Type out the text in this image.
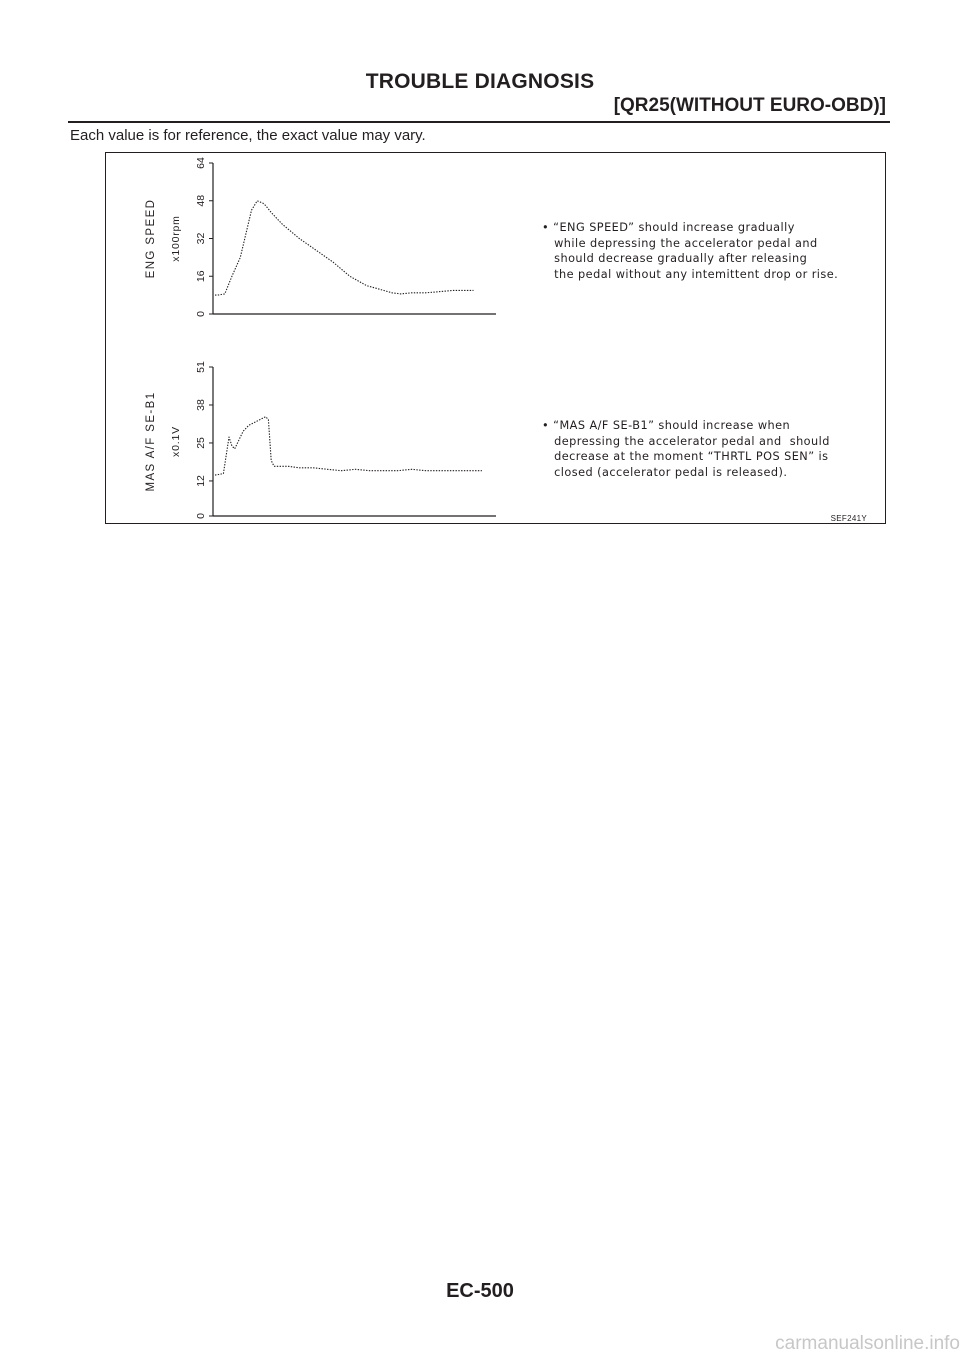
TROUBLE DIAGNOSIS
[QR25(WITHOUT EURO-OBD)]
Each value is for reference, the exact value may vary.
0
16
32
48
64
x100rpm
ENG SPEED
0
12
25
38
51
x0.1V
MAS A/F SE-B1
• “ENG SPEED” should increase gradually
while depressing the accelerator pedal and
should decrease gradually after releasing
the pedal without any intemittent drop or rise.
• “MAS A/F SE-B1” should increase when
depressing the accelerator pedal and  should
decrease at the moment “THRTL POS SEN” is
closed (accelerator pedal is released).
SEF241Y
EC-500
carmanualsonline.info
